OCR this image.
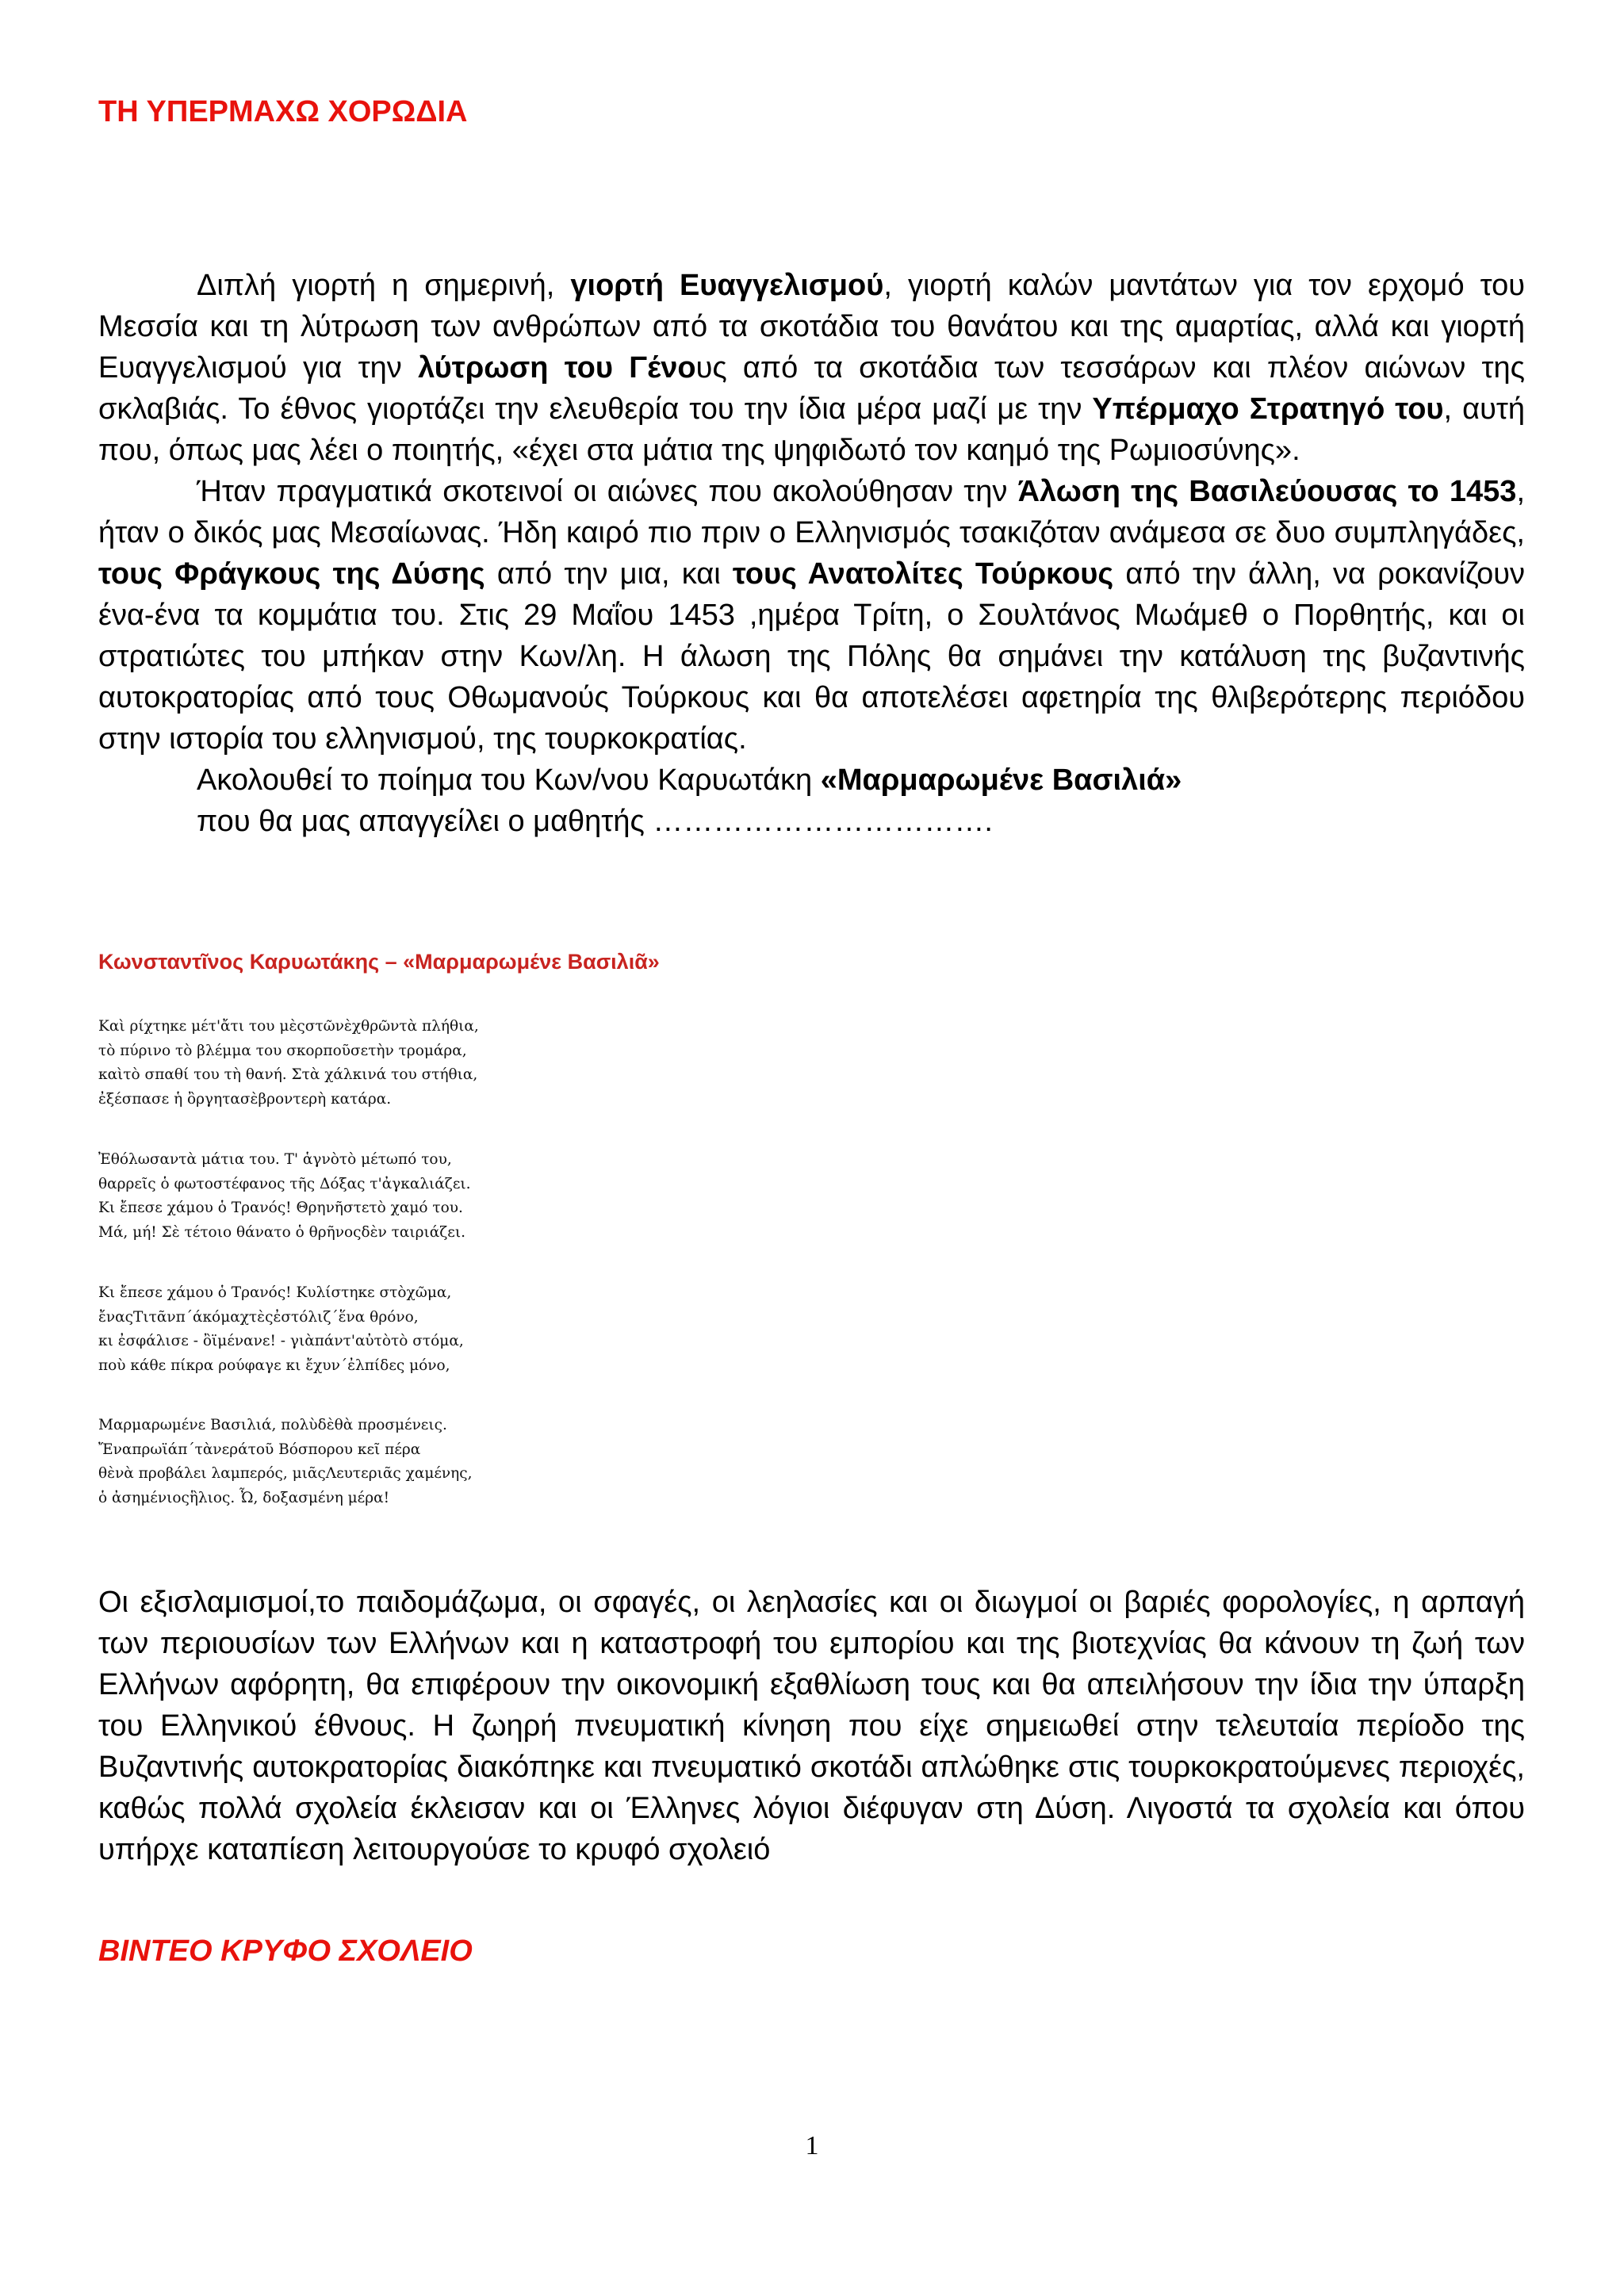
ΤΗ ΥΠΕΡΜΑΧΩ ΧΟΡΩΔΙΑ

Διπλή γιορτή η σημερινή, γιορτή Ευαγγελισμού, γιορτή καλών μαντάτων για τον ερχομό του Μεσσία και τη λύτρωση των ανθρώπων από τα σκοτάδια του θανάτου και της αμαρτίας, αλλά και γιορτή Ευαγγελισμού για την λύτρωση του Γένους από τα σκοτάδια των τεσσάρων και πλέον αιώνων της σκλαβιάς. Το έθνος γιορτάζει την ελευθερία του την ίδια μέρα μαζί με την Υπέρμαχο Στρατηγό του, αυτή που, όπως μας λέει ο ποιητής, «έχει στα μάτια της ψηφιδωτό τον καημό της Ρωμιοσύνης».

Ήταν πραγματικά σκοτεινοί οι αιώνες που ακολούθησαν την Άλωση της Βασιλεύουσας το 1453, ήταν ο δικός μας Μεσαίωνας. Ήδη καιρό πιο πριν ο Ελληνισμός τσακιζόταν ανάμεσα σε δυο συμπληγάδες, τους Φράγκους της Δύσης από την μια, και τους Ανατολίτες Τούρκους από την άλλη, να ροκανίζουν ένα-ένα τα κομμάτια του. Στις 29 Μαΐου 1453 ,ημέρα Τρίτη, ο Σουλτάνος Μωάμεθ ο Πορθητής, και οι στρατιώτες του μπήκαν στην Κων/λη. Η άλωση της Πόλης θα σημάνει την κατάλυση της βυζαντινής αυτοκρατορίας από τους Οθωμανούς Τούρκους και θα αποτελέσει αφετηρία της θλιβερότερης περιόδου στην ιστορία του ελληνισμού, της τουρκοκρατίας.

Ακολουθεί το ποίημα του Κων/νου Καρυωτάκη «Μαρμαρωμένε Βασιλιά»
που θα μας απαγγείλει ο μαθητής …………………………….

Κωνσταντῖνος Καρυωτάκης – «Μαρμαρωμένε Βασιλιᾶ»
Καὶ ρίχτηκε μέτ'ἄτι του μὲςστῶνὲχθρῶντὰ πλήθια,
τὸ πύρινο τὸ βλέμμα του σκορποῦσετὴν τρομάρα,
καὶτὸ σπαθί του τὴ θανή. Στὰ χάλκινά του στήθια,
ἐξέσπασε ἡ ὂργητασὲβροντερὴ κατάρα.
Ἐθόλωσαντὰ μάτια του. Τ' ἁγνὸτὸ μέτωπό του,
θαρρεῖς ὁ φωτοστέφανος τῆς Δόξας τ'ἀγκαλιάζει.
Κι ἔπεσε χάμου ὁ Τρανός! Θρηνῆστετὸ χαμό του.
Μά, μή! Σὲ τέτοιο θάνατο ὁ θρῆνοςδὲν ταιριάζει.
Κι ἔπεσε χάμου ὁ Τρανός! Κυλίστηκε στὸχῶμα,
ἔναςΤιτᾶνπ΄άκόμαχτὲςἐστόλιζ΄ἕνα θρόνο,
κι ἐσφάλισε - ὂϊμένανε! - γιὰπάντ'αὐτὸτὸ στόμα,
ποὺ κάθε πίκρα ρούφαγε κι ἔχυν΄ἐλπίδες μόνο,
Μαρμαρωμένε Βασιλιά, πολὺδὲθὰ προσμένεις.
Ἔναπρωϊάπ΄τὰνεράτοῦ Βόσπορου κεῖ πέρα
θὲνὰ προβάλει λαμπερός, μιᾶςΛευτεριᾶς χαμένης,
ὁ ἀσημένιοςἣλιος. Ὦ, δοξασμένη μέρα!

Οι εξισλαμισμοί,το παιδομάζωμα, οι σφαγές, οι λεηλασίες και οι διωγμοί οι βαριές φορολογίες, η αρπαγή των περιουσίων των Ελλήνων και η καταστροφή του εμπορίου και της βιοτεχνίας θα κάνουν τη ζωή των Ελλήνων αφόρητη, θα επιφέρουν την οικονομική εξαθλίωση τους και θα απειλήσουν την ίδια την ύπαρξη του Ελληνικού έθνους. Η ζωηρή πνευματική κίνηση που είχε σημειωθεί στην τελευταία περίοδο της Βυζαντινής αυτοκρατορίας διακόπηκε και πνευματικό σκοτάδι απλώθηκε στις τουρκοκρατούμενες περιοχές, καθώς πολλά σχολεία έκλεισαν και οι Έλληνες λόγιοι διέφυγαν στη Δύση. Λιγοστά τα σχολεία και όπου υπήρχε καταπίεση λειτουργούσε το κρυφό σχολειό

ΒΙΝΤΕΟ ΚΡΥΦΟ ΣΧΟΛΕΙΟ
1
